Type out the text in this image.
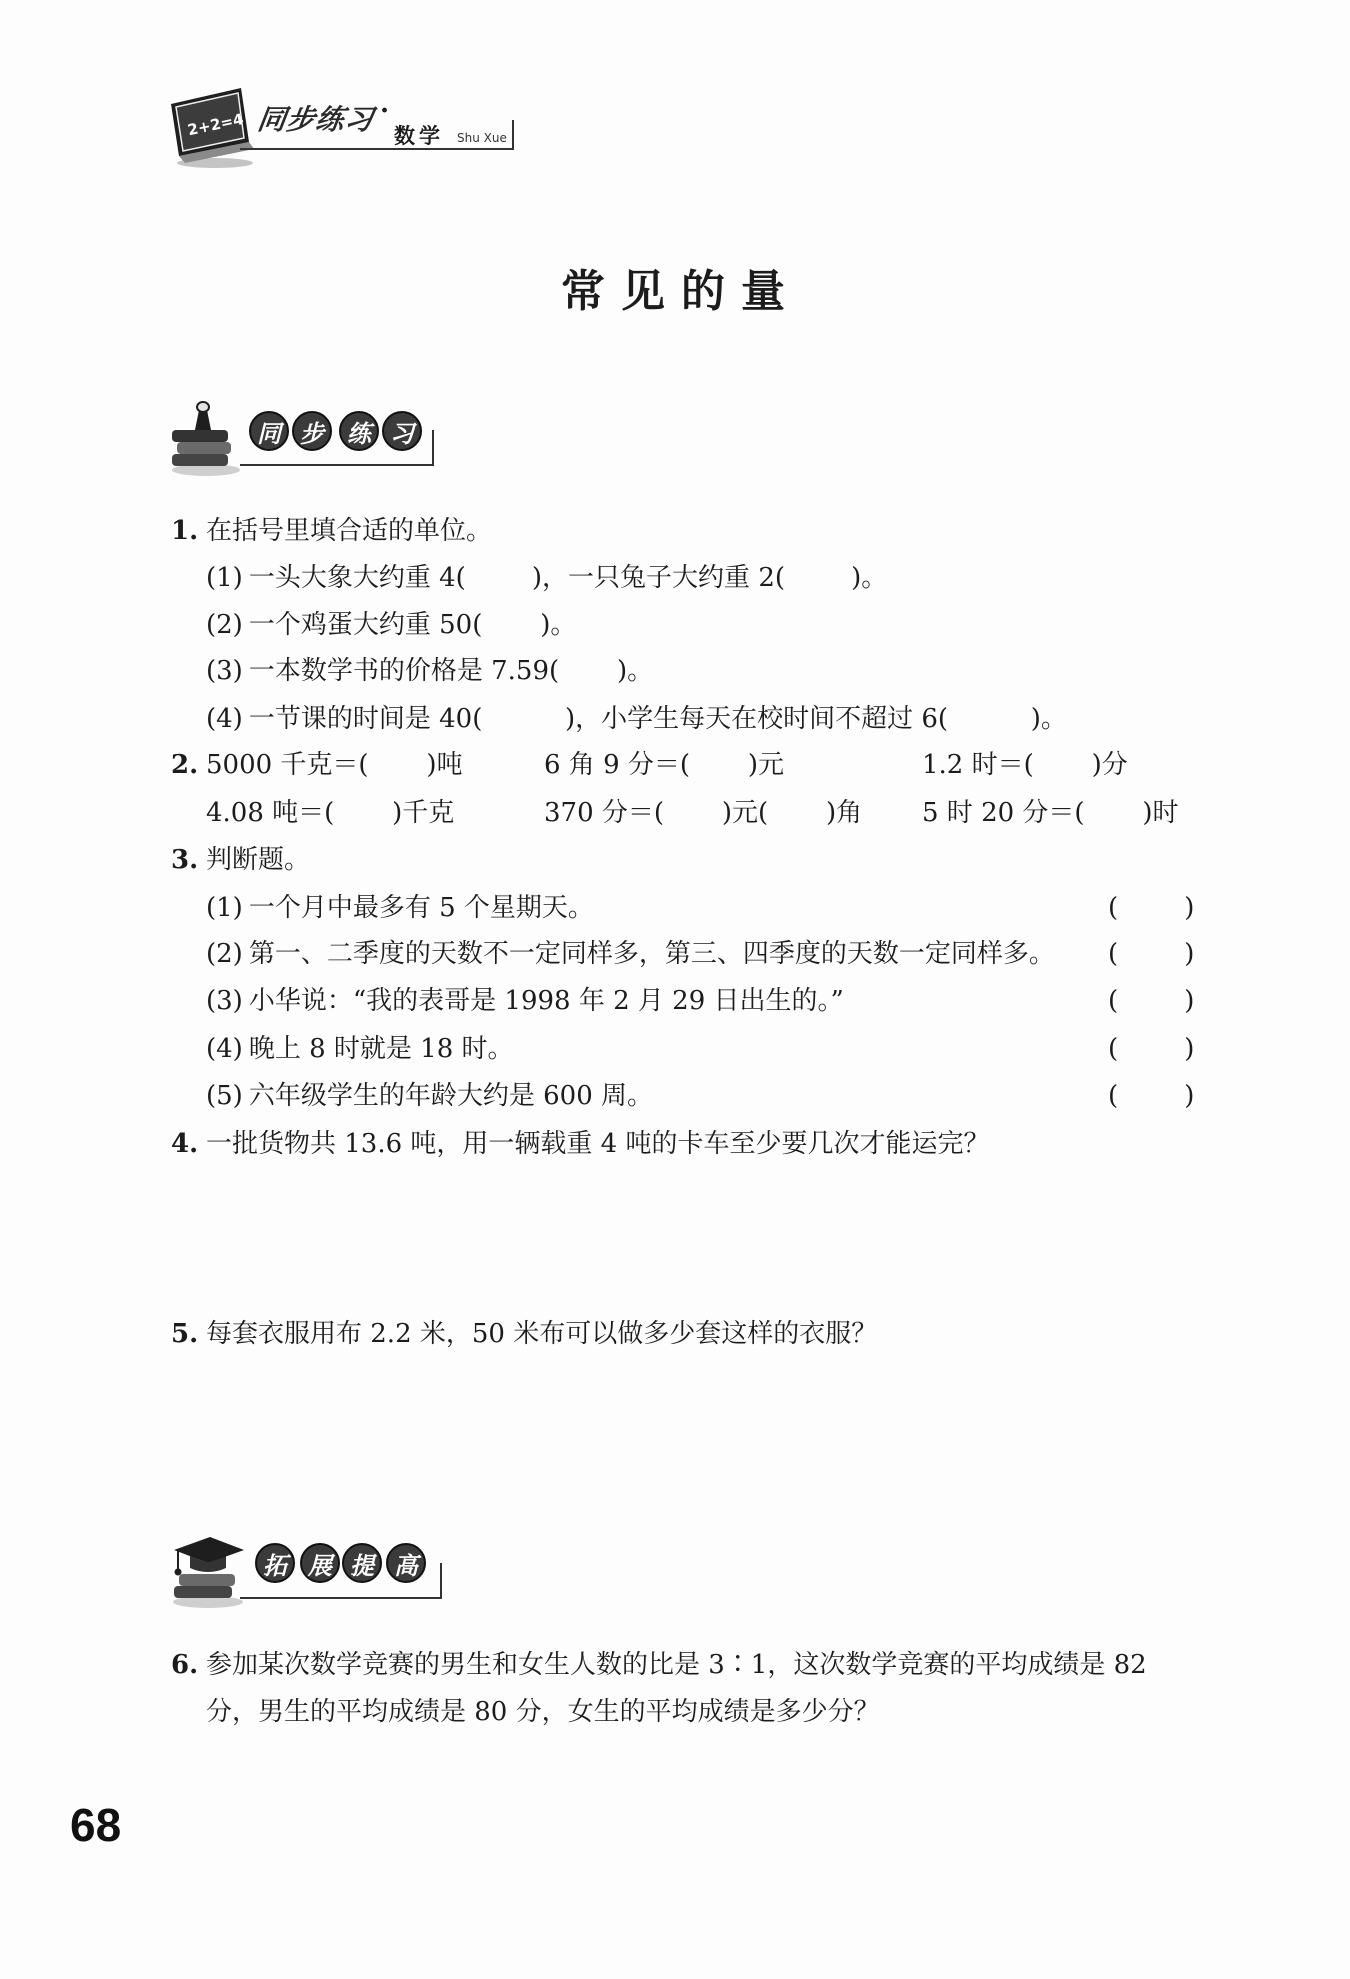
2+2=4 同步练习 ·
数学 Shu Xue
常见的量
同 步 练 习
1. 在括号里填合适的单位。
(1) 一头大象大约重 4(        )，一只兔子大约重 2(        )。
(2) 一个鸡蛋大约重 50(       )。
(3) 一本数学书的价格是 7.59(       )。
(4) 一节课的时间是 40(          )，小学生每天在校时间不超过 6(          )。
2. 5000 千克＝(       )吨	6 角 9 分＝(       )元	1.2 时＝(       )分
4.08 吨＝(       )千克	370 分＝(       )元(       )角 5 时 20 分＝(       )时
3. 判断题。
(1) 一个月中最多有 5 个星期天。	(        )
(2) 第一、二季度的天数不一定同样多，第三、四季度的天数一定同样多。 (        )
(3) 小华说：“我的表哥是 1998 年 2 月 29 日出生的。”	(        )
(4) 晚上 8 时就是 18 时。	(        )
(5) 六年级学生的年龄大约是 600 周。	(        )
4. 一批货物共 13.6 吨，用一辆载重 4 吨的卡车至少要几次才能运完？
5. 每套衣服用布 2.2 米，50 米布可以做多少套这样的衣服？
拓 展 提 高
6. 参加某次数学竞赛的男生和女生人数的比是 3∶1，这次数学竞赛的平均成绩是 82
分，男生的平均成绩是 80 分，女生的平均成绩是多少分？
68
